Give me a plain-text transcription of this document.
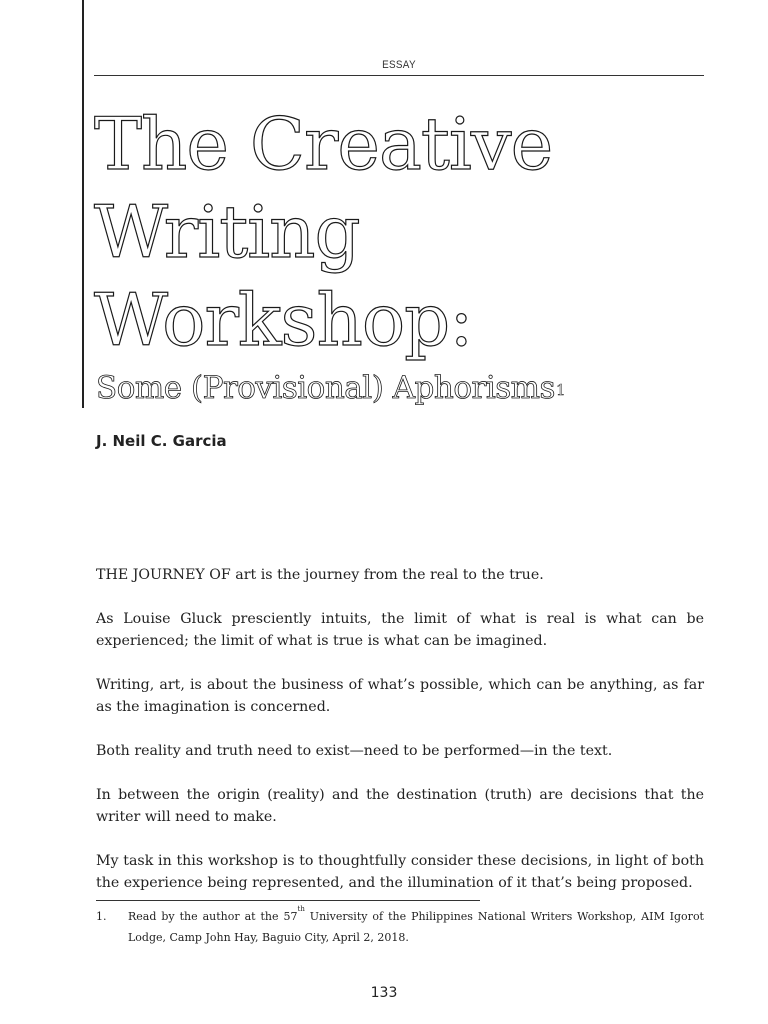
ESSAY
The Creative
Writing
Workshop:
Some (Provisional) Aphorisms$^1$
J. Neil C. Garcia

THE JOURNEY OF art is the journey from the real to the true.

As Louise Gluck presciently intuits, the limit of what is real is what can be experienced; the limit of what is true is what can be imagined.

Writing, art, is about the business of what’s possible, which can be anything, as far as the imagination is concerned.

Both reality and truth need to exist—need to be performed—in the text.

In between the origin (reality) and the destination (truth) are decisions that the writer will need to make.

My task in this workshop is to thoughtfully consider these decisions, in light of both the experience being represented, and the illumination of it that’s being proposed.

1. Read by the author at the 57th University of the Philippines National Writers Workshop, AIM Igorot Lodge, Camp John Hay, Baguio City, April 2, 2018.
133
